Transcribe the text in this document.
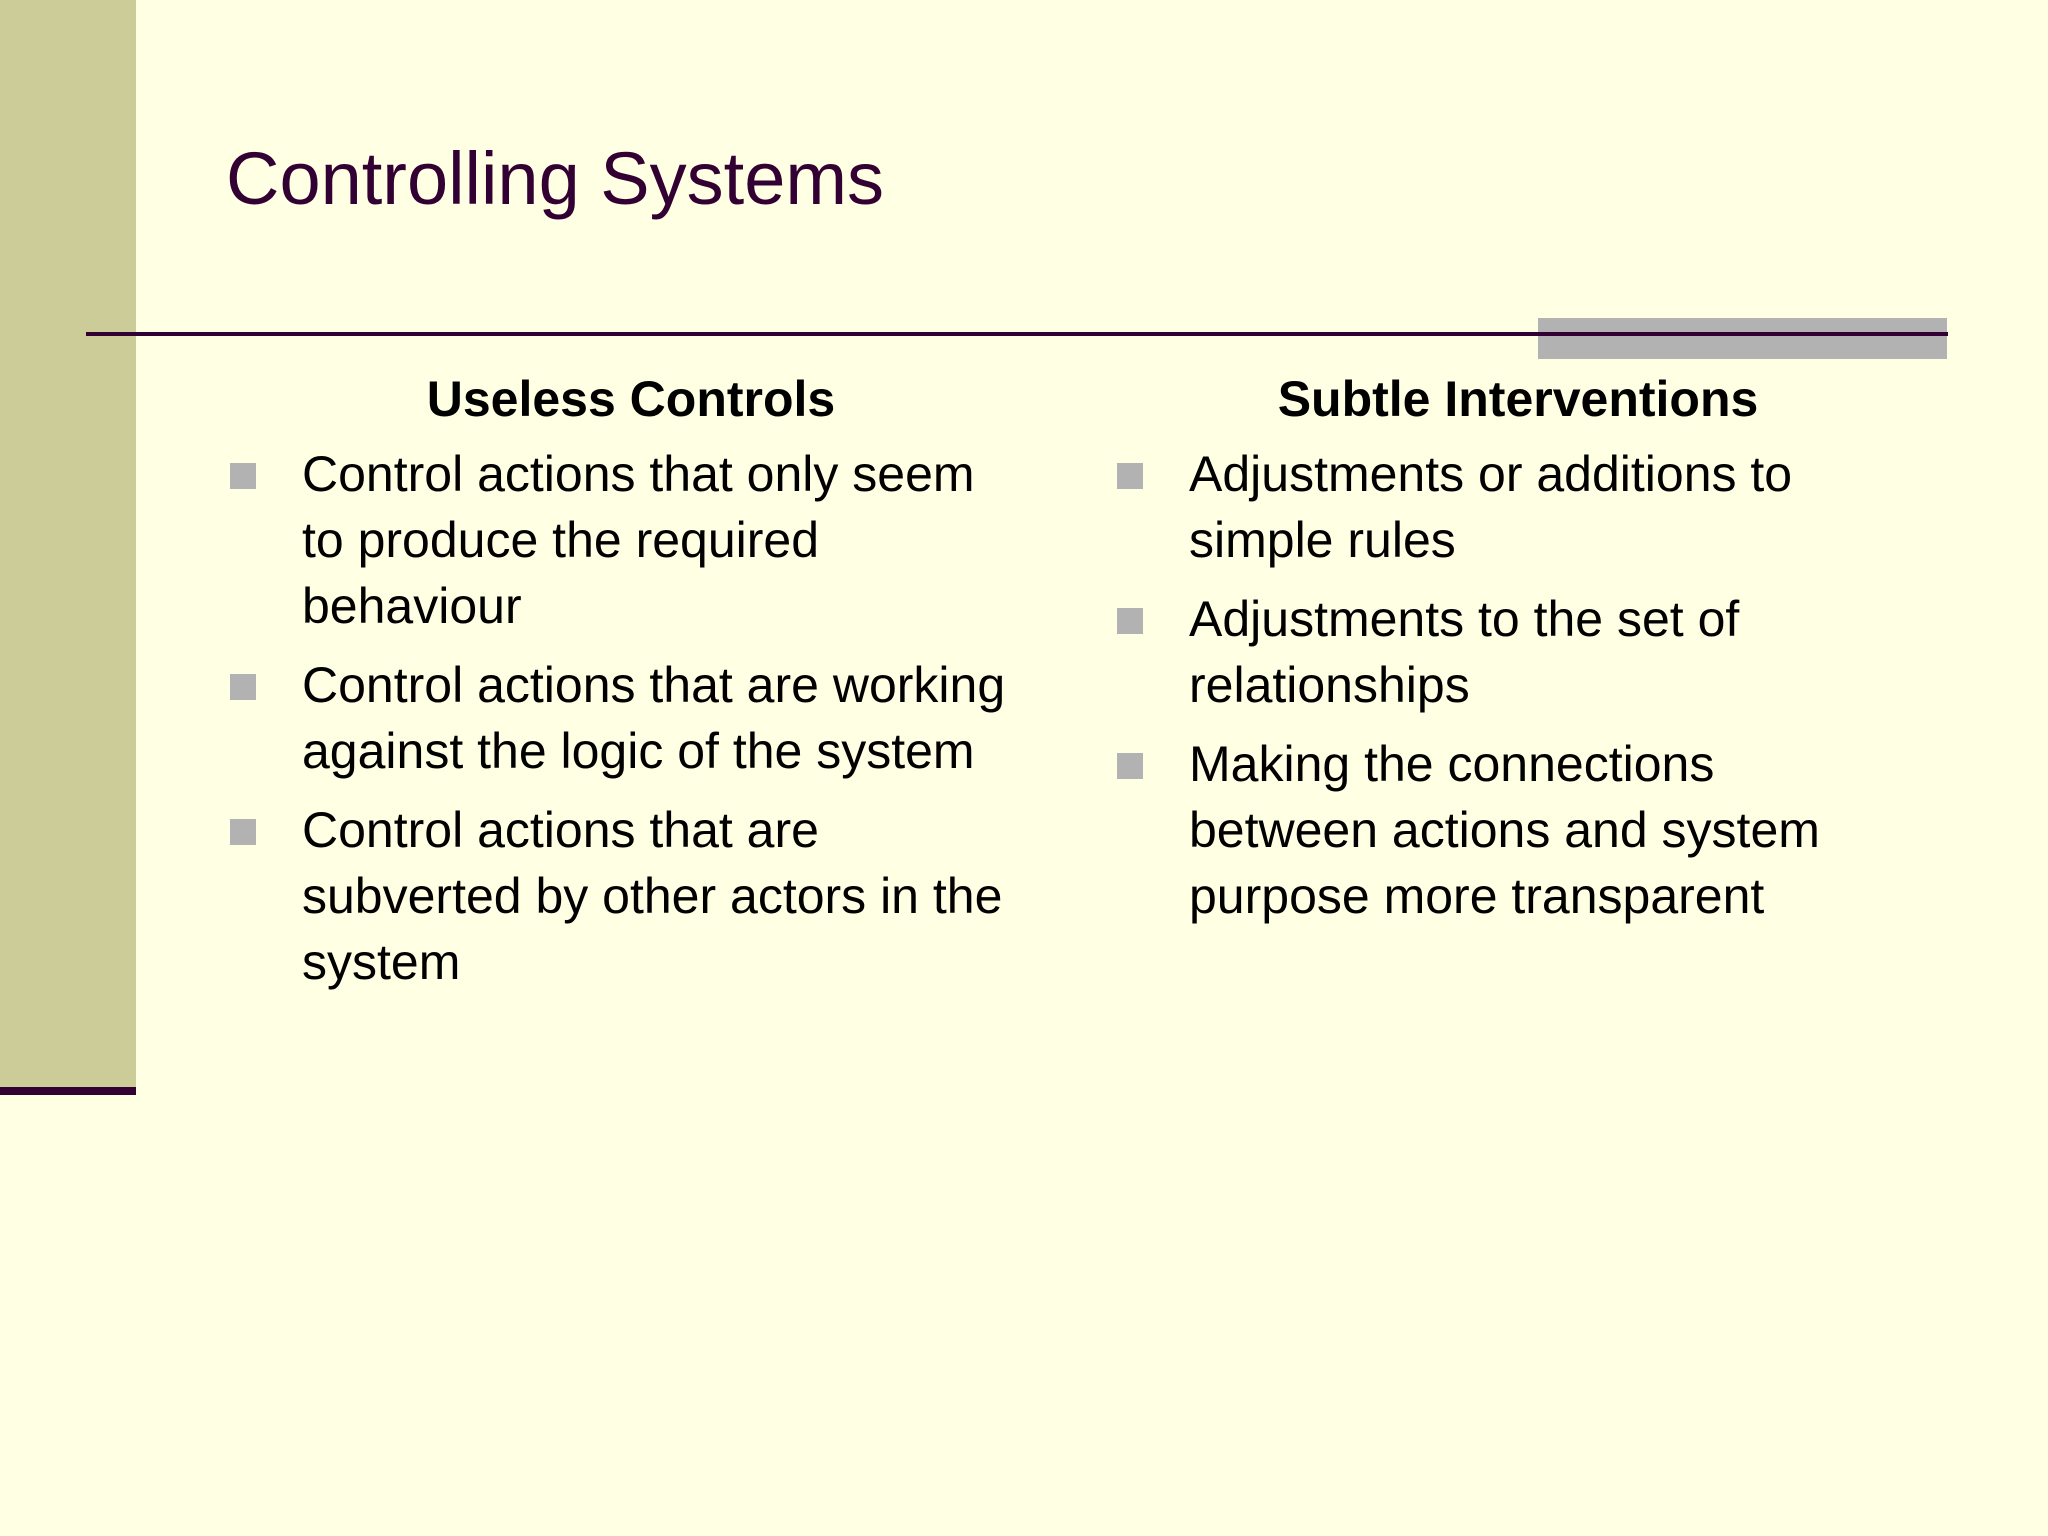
Controlling Systems
Useless Controls
Control actions that only seem to produce the required behaviour
Control actions that are working against the logic of the system
Control actions that are subverted by other actors in the system
Subtle Interventions
Adjustments or additions to simple rules
Adjustments to the set of relationships
Making the connections between actions and system purpose more transparent
